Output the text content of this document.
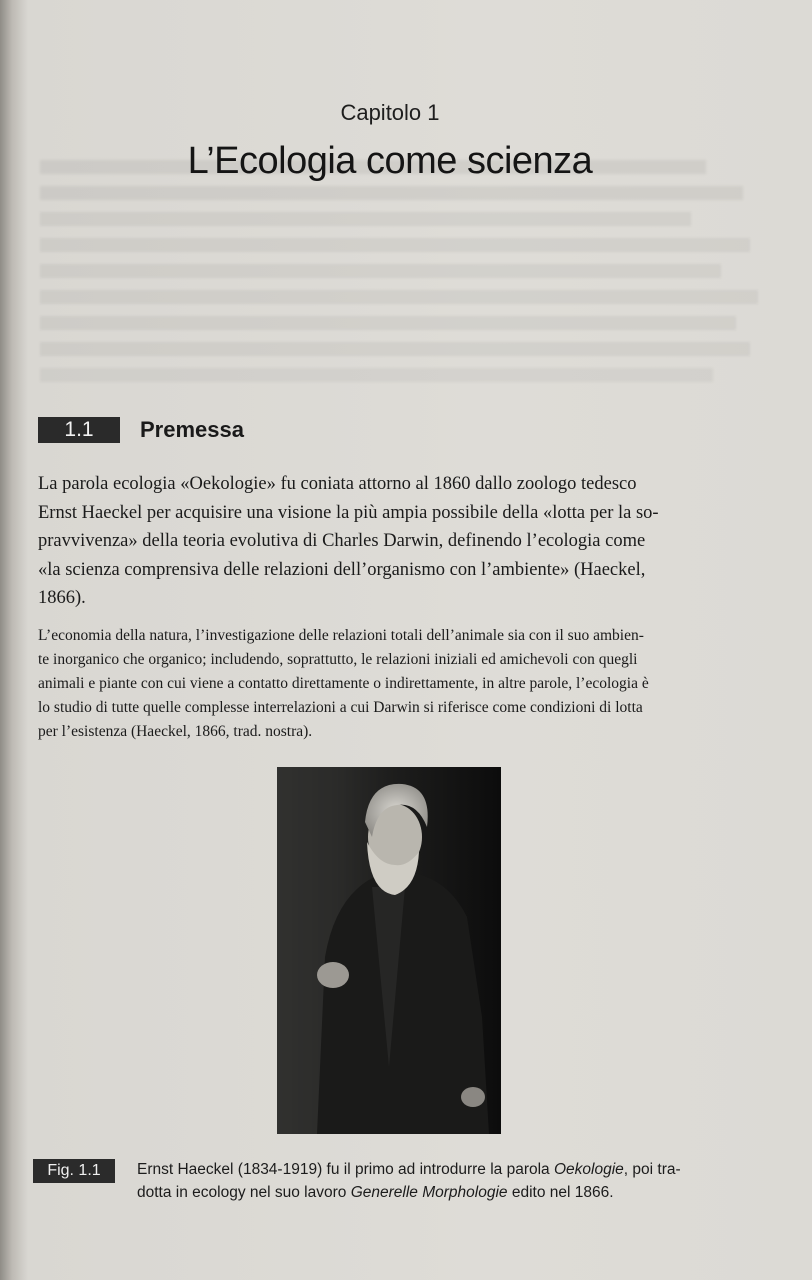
Capitolo 1
L’Ecologia come scienza
1.1	Premessa
La parola ecologia «Oekologie» fu coniata attorno al 1860 dallo zoologo tedesco
Ernst Haeckel per acquisire una visione la più ampia possibile della «lotta per la so-
pravvivenza» della teoria evolutiva di Charles Darwin, definendo l’ecologia come
«la scienza comprensiva delle relazioni dell’organismo con l’ambiente» (Haeckel,
1866).
L’economia della natura, l’investigazione delle relazioni totali dell’animale sia con il suo ambien-
te inorganico che organico; includendo, soprattutto, le relazioni iniziali ed amichevoli con quegli
animali e piante con cui viene a contatto direttamente o indirettamente, in altre parole, l’ecologia è
lo studio di tutte quelle complesse interrelazioni a cui Darwin si riferisce come condizioni di lotta
per l’esistenza (Haeckel, 1866, trad. nostra).
Fig. 1.1	Ernst Haeckel (1834-1919) fu il primo ad introdurre la parola Oekologie, poi tra-
dotta in ecology nel suo lavoro Generelle Morphologie edito nel 1866.
